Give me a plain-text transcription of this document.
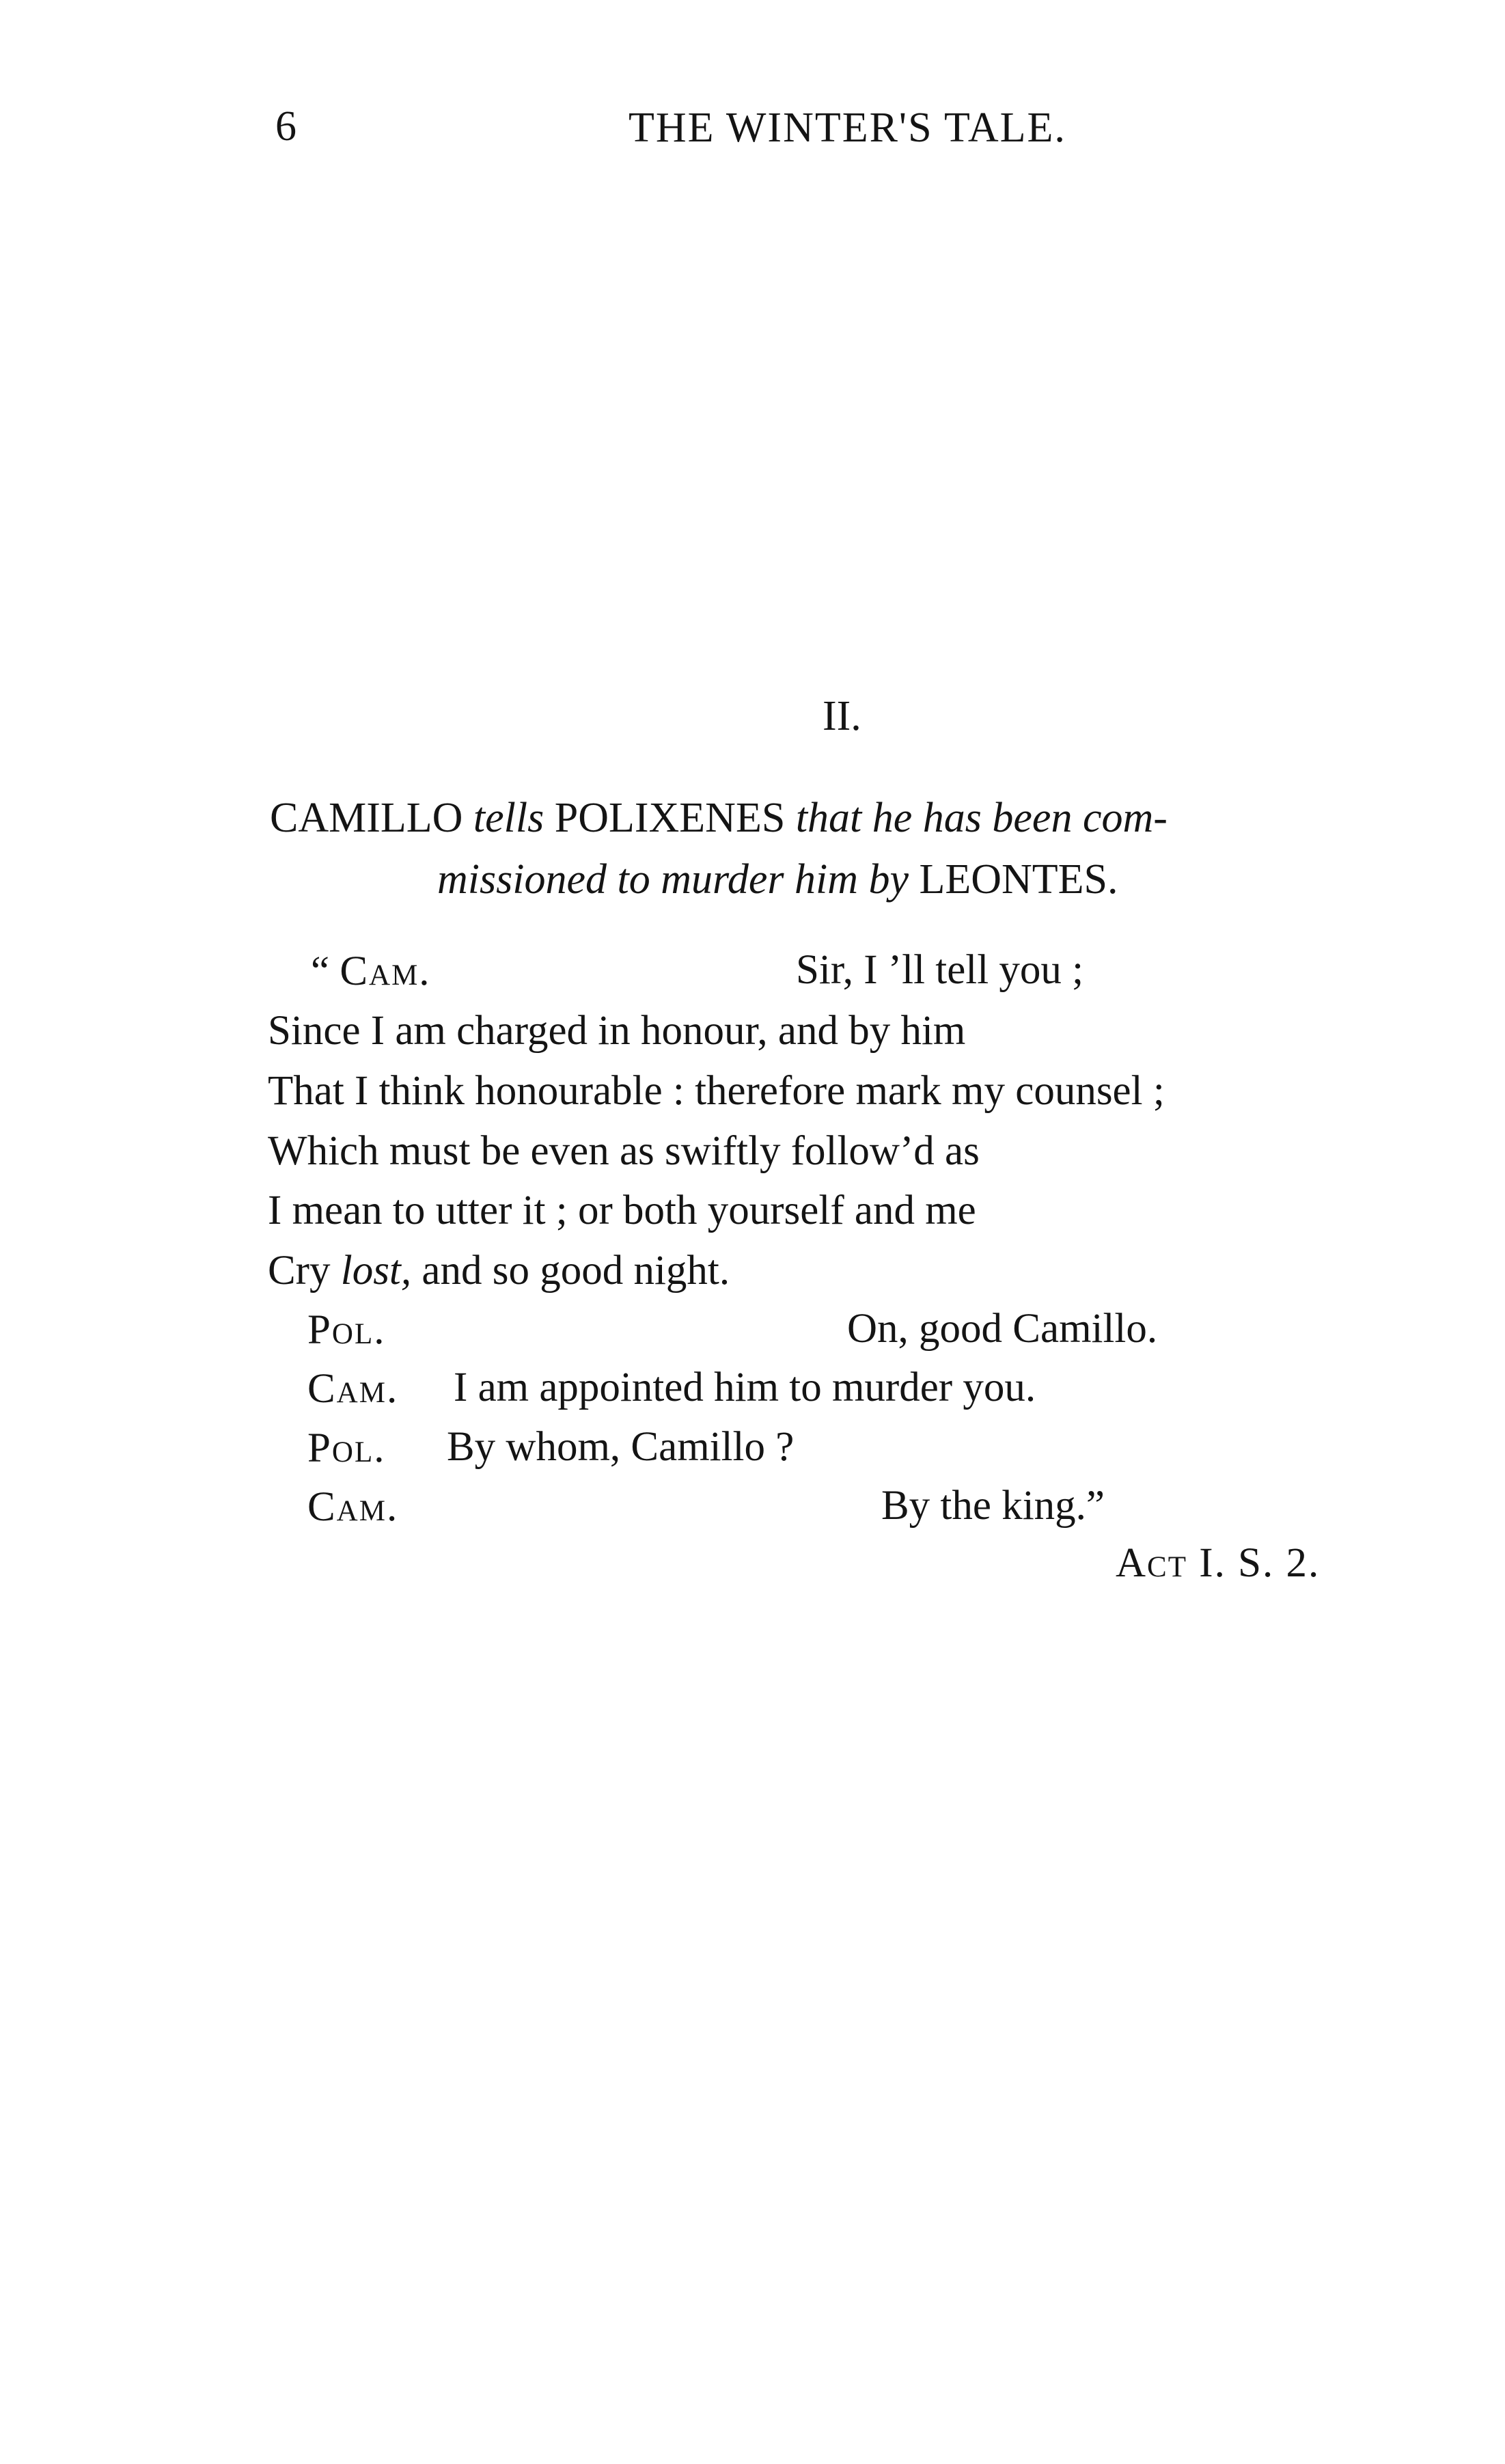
6	THE WINTER'S TALE.
II.
CAMILLO tells POLIXENES that he has been com-
missioned to murder him by LEONTES.
“ Cam.	Sir, I ’ll tell you ;
Since I am charged in honour, and by him
That I think honourable : therefore mark my counsel ;
Which must be even as swiftly follow’d as
I mean to utter it ; or both yourself and me
Cry lost, and so good night.
Pol.	On, good Camillo.
Cam. I am appointed him to murder you.
Pol. By whom, Camillo ?
Cam.	By the king.”
Act I. S. 2.
